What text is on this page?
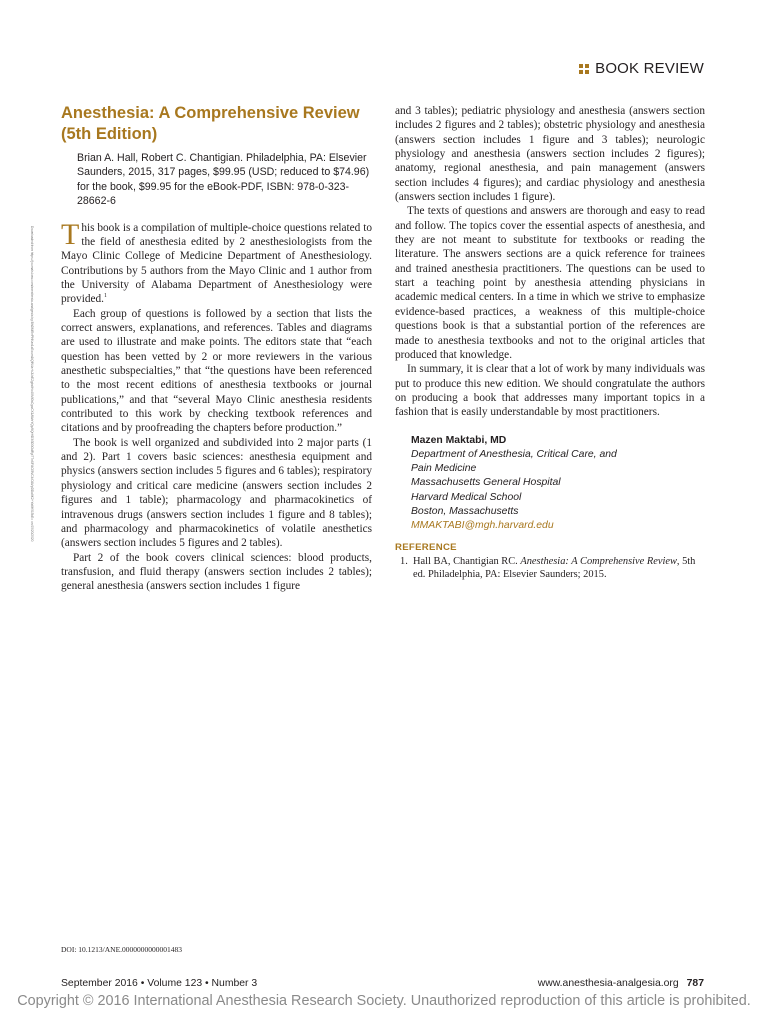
BOOK REVIEW
Downloaded from https://journals.lww.com/anesthesia-analgesia by BhDMf5ePHKav1zEoum1tQfN4a+kJLhEZgbsIHo4XMi0hCywCX1AWnYQp/IlQrHD3i3D0OdRyi7TvSFl4Cf3VC4/OAVpDDa8K2+Ya6H515kE= on 05/20/2020
Anesthesia: A Comprehensive Review (5th Edition)
Brian A. Hall, Robert C. Chantigian. Philadelphia, PA: Elsevier Saunders, 2015, 317 pages, $99.95 (USD; reduced to $74.96) for the book, $99.95 for the eBook-PDF, ISBN: 978-0-323-28662-6

This book is a compilation of multiple-choice questions related to the field of anesthesia edited by 2 anesthesiologists from the Mayo Clinic College of Medicine Department of Anesthesiology. Contributions by 5 authors from the Mayo Clinic and 1 author from the University of Alabama Department of Anesthesiology were provided.$^1$

Each group of questions is followed by a section that lists the correct answers, explanations, and references. Tables and diagrams are used to illustrate and make points. The editors state that “each question has been vetted by 2 or more reviewers in the various anesthetic subspecialties,” that “the questions have been referenced to the most recent editions of anesthesia textbooks or journal publications,” and that “several Mayo Clinic anesthesia residents contributed to this work by checking textbook references and citations and by proofreading the chapters before production.”

The book is well organized and subdivided into 2 major parts (1 and 2). Part 1 covers basic sciences: anesthesia equipment and physics (answers section includes 5 figures and 6 tables); respiratory physiology and critical care medicine (answers section includes 2 figures and 1 table); pharmacology and pharmacokinetics of intravenous drugs (answers section includes 1 figure and 8 tables); and pharmacology and pharmacokinetics of volatile anesthetics (answers section includes 5 figures and 2 tables).

Part 2 of the book covers clinical sciences: blood products, transfusion, and fluid therapy (answers section includes 2 tables); general anesthesia (answers section includes 1 figure

and 3 tables); pediatric physiology and anesthesia (answers section includes 2 figures and 2 tables); obstetric physiology and anesthesia (answers section includes 1 figure and 3 tables); neurologic physiology and anesthesia (answers section includes 2 figures); anatomy, regional anesthesia, and pain management (answers section includes 4 figures); and cardiac physiology and anesthesia (answers section includes 1 figure).

The texts of questions and answers are thorough and easy to read and follow. The topics cover the essential aspects of anesthesia, and they are not meant to substitute for textbooks or reading the literature. The answers sections are a quick reference for trainees and trained anesthesia practitioners. The questions can be used to start a teaching point by anesthesia attending physicians in academic medical centers. In a time in which we strive to emphasize evidence-based practices, a weakness of this multiple-choice questions book is that a substantial portion of the references are made to anesthesia textbooks and not to the original articles that produced that knowledge.

In summary, it is clear that a lot of work by many individuals was put to produce this new edition. We should congratulate the authors on producing a book that addresses many important topics in a fashion that is easily understandable by most practitioners.

Mazen Maktabi, MD
Department of Anesthesia, Critical Care, and
Pain Medicine
Massachusetts General Hospital
Harvard Medical School
Boston, Massachusetts
MMAKTABI@mgh.harvard.edu
REFERENCE
1. Hall BA, Chantigian RC. Anesthesia: A Comprehensive Review, 5th ed. Philadelphia, PA: Elsevier Saunders; 2015.
DOI: 10.1213/ANE.0000000000001483
September 2016 • Volume 123 • Number 3	www.anesthesia-analgesia.org 787
Copyright © 2016 International Anesthesia Research Society. Unauthorized reproduction of this article is prohibited.
